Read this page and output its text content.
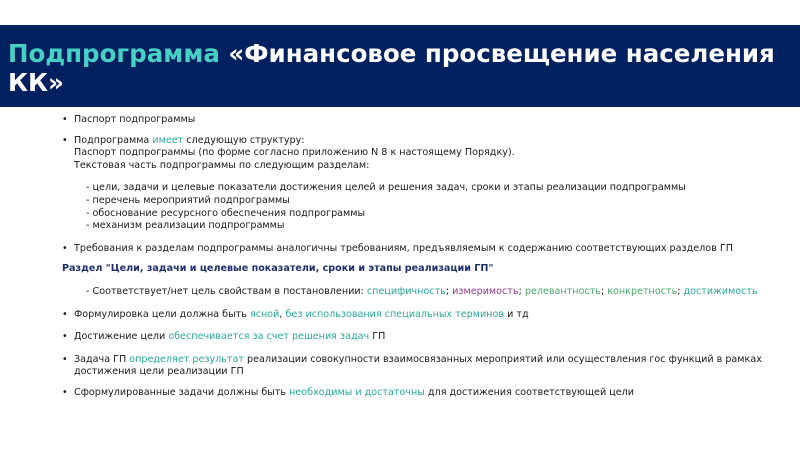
Подпрограмма «Финансовое просвещение населения КК»
• Паспорт подпрограммы
• Подпрограмма имеет следующую структуру:
Паспорт подпрограммы (по форме согласно приложению N 8 к настоящему Порядку).
Текстовая часть подпрограммы по следующим разделам:
- цели, задачи и целевые показатели достижения целей и решения задач, сроки и этапы реализации подпрограммы
- перечень мероприятий подпрограммы
- обоснование ресурсного обеспечения подпрограммы
- механизм реализации подпрограммы
• Требования к разделам подпрограммы аналогичны требованиям, предъявляемым к содержанию соответствующих разделов ГП
Раздел "Цели, задачи и целевые показатели, сроки и этапы реализации ГП"
- Соответствует/нет цель свойствам в постановлении: специфичность; измеримость; релевантность; конкретность; достижимость
• Формулировка цели должна быть ясной, без использования специальных терминов и тд
• Достижение цели обеспечивается за счет решения задач ГП
• Задача ГП определяет результат реализации совокупности взаимосвязанных мероприятий или осуществления гос функций в рамках достижения цели реализации ГП
• Сформулированные задачи должны быть необходимы и достаточны для достижения соответствующей цели
